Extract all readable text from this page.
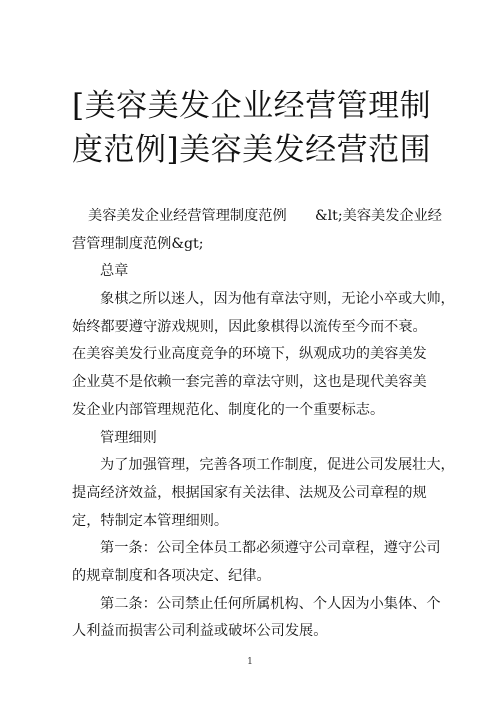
[美容美发企业经营管理制
度范例]美容美发经营范围
美容美发企业经营管理制度范例　　&lt;美容美发企业经
营管理制度范例&gt;
总章
象棋之所以迷人，因为他有章法守则，无论小卒或大帅，
始终都要遵守游戏规则，因此象棋得以流传至今而不衰。
在美容美发行业高度竞争的环境下，纵观成功的美容美发
企业莫不是依赖一套完善的章法守则，这也是现代美容美
发企业内部管理规范化、制度化的一个重要标志。
管理细则
为了加强管理，完善各项工作制度，促进公司发展壮大，
提高经济效益，根据国家有关法律、法规及公司章程的规
定，特制定本管理细则。
第一条：公司全体员工都必须遵守公司章程，遵守公司
的规章制度和各项决定、纪律。
第二条：公司禁止任何所属机构、个人因为小集体、个
人利益而损害公司利益或破坏公司发展。
1
